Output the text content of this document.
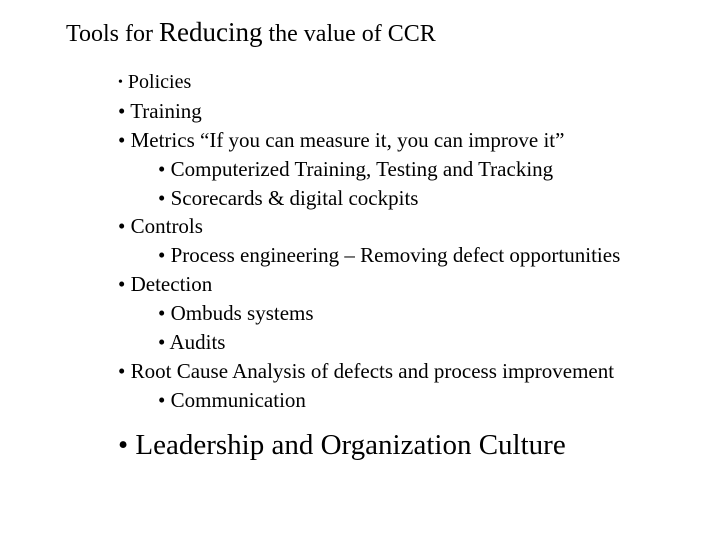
Tools for Reducing the value of CCR
• Policies
• Training
• Metrics “If you can measure it, you can improve it”
• Computerized Training, Testing and Tracking
• Scorecards & digital cockpits
• Controls
• Process engineering – Removing defect opportunities
• Detection
• Ombuds systems
• Audits
• Root Cause Analysis of defects and process improvement
• Communication
• Leadership and Organization Culture
